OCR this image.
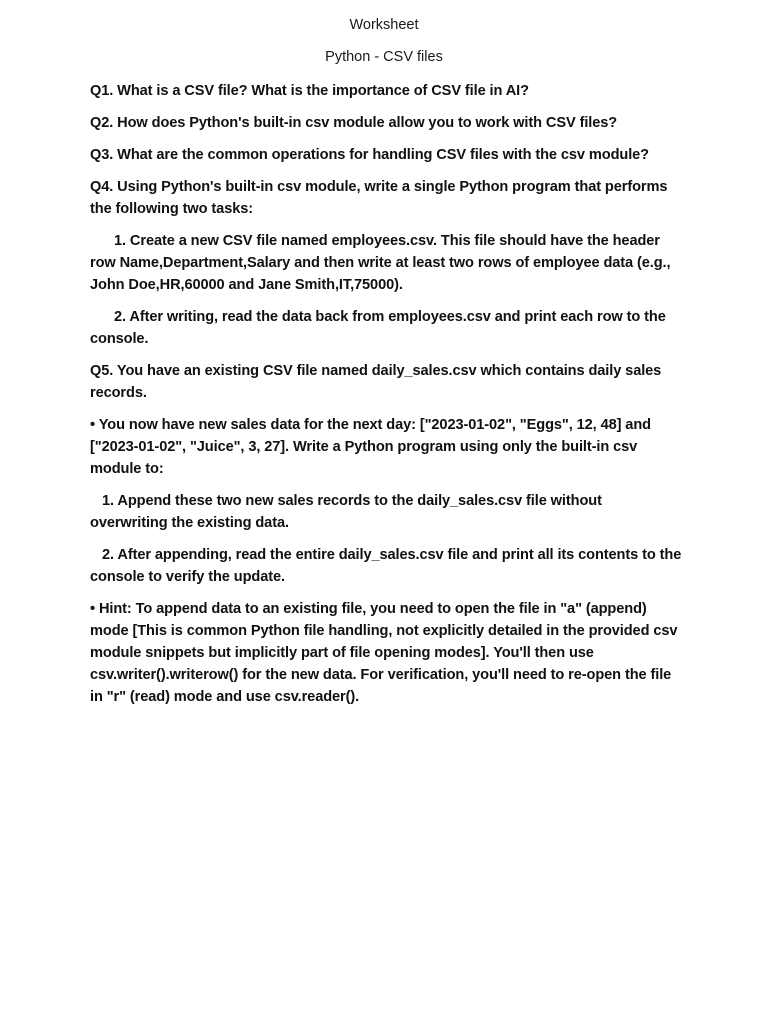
Worksheet
Python - CSV files

Q1. What is a CSV file? What is the importance of CSV file in AI?

Q2. How does Python's built-in csv module allow you to work with CSV files?

Q3. What are the common operations for handling CSV files with the csv module?

Q4. Using Python's built-in csv module, write a single Python program that performs the following two tasks:

1. Create a new CSV file named employees.csv. This file should have the header row Name,Department,Salary and then write at least two rows of employee data (e.g., John Doe,HR,60000 and Jane Smith,IT,75000).

2. After writing, read the data back from employees.csv and print each row to the console.

Q5. You have an existing CSV file named daily_sales.csv which contains daily sales records.

• You now have new sales data for the next day: ["2023-01-02", "Eggs", 12, 48] and ["2023-01-02", "Juice", 3, 27]. Write a Python program using only the built-in csv module to:

1. Append these two new sales records to the daily_sales.csv file without overwriting the existing data.

2. After appending, read the entire daily_sales.csv file and print all its contents to the console to verify the update.

• Hint: To append data to an existing file, you need to open the file in "a" (append) mode [This is common Python file handling, not explicitly detailed in the provided csv module snippets but implicitly part of file opening modes]. You'll then use csv.writer().writerow() for the new data. For verification, you'll need to re-open the file in "r" (read) mode and use csv.reader().
